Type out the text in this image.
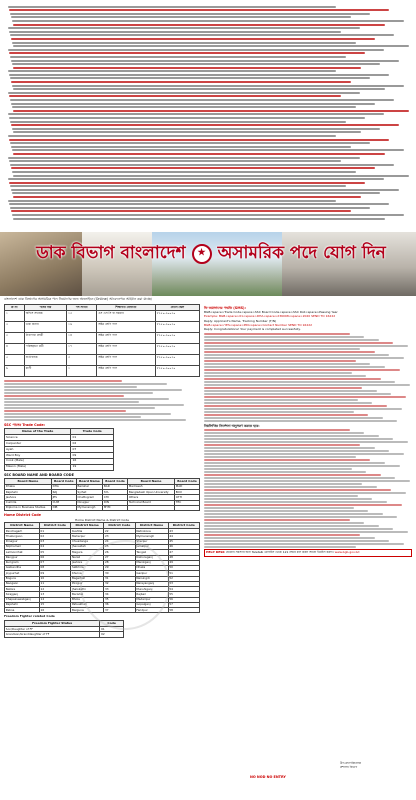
ডাক বিভাগ বাংলাদেশ	★ অসামরিক পদে যোগ দিন
বাংলাদেশ ডাক বিভাগের অসামরিক পদে নিয়োগের জন্য অনলাইনে (Online) আবেদনপত্র আহ্বান করা যাচ্ছে।
ক্র নং	পদের নাম	পদ সংখ্যা	শিক্ষাগত যোগ্যতা	বেতন স্কেল
১	অফিস সহায়ক	১৩	এস এস সি বা সমমান	৮২৫০-২০০১০
২	ডাক রানার	১৬	অষ্টম শ্রেণি পাস	৮২৫০-২০০১০
৩	নিরাপত্তা প্রহরী	১৪	অষ্টম শ্রেণি পাস	৮২৫০-২০০১০
৪	পরিচ্ছন্নতা কর্মী	১৭	অষ্টম শ্রেণি পাস	৮২৫০-২০০১০
৫	বার্তাবাহক	৩	অষ্টম শ্রেণি পাস	৮২৫০-২০০১০
৬	মালী	১	অষ্টম শ্রেণি পাস	৮২৫০-২০০১০
SSC পাসের Trade Code:
Name of the Trade	Trade Code
Science	01
Carpenter	02
Ayah	07
Ward Boy	09
Cook (Male)	16
Mason (Male)	19
SSC BOARD NAME AND BOARD CODE
Board Name	Board Code	Board Name	Board Code	Board Name	Board Code
Dhaka	DHA	Barishal	BAR	Madrasah	MAD
Rajshahi	RAJ	Sylhet	SYL	Bangladesh Open University	BOU
Jashore	JES	Chattogram	CHI	Others	OTH
Cumilla	CUM	Dinajpur	DIN	Technical Board	TEC
Diploma in Business Studies	DIB	Mymensingh	MYM		
Home District Code
Home District Name & District Code
District Name	District Code	District Name	District Code	District Name	District Code
Panchagarh	01	Kushtia	22	Netrokona	43
Thakurgaon	02	Meherpur	23	Mymensingh	44
Dinajpur	03	Chuadanga	24	Sherpur	45
Nilphamari	04	Jhenaidah	25	Jamalpur	46
Lalmonirhat	05	Magura	26	Tangail	47
Rangpur	06	Narail	27	Kishoreganj	48
Kurigram	07	Jashore	28	Manikganj	49
Gaibandha	08	Satkhira	29	Dhaka	50
Joypurhat	09	Khulna	30	Gazipur	51
Bogura	10	Bagerhat	31	Narsingdi	52
Naogaon	11	Pirojpur	32	Narayanganj	53
Natore	12	Jhalokathi	33	Munshiganj	54
Sirajganj	13	Barishal	34	Rajbari	55
Chapainawabganj	14	Bhola	35	Madaripur	56
Rajshahi	15	Patuakhali	36	Gopalganj	57
Pabna	16	Barguna	37	Faridpur	58
Freedom Fighter related Code
Freedom Fighter Status	Code
Son/Daughter of FF	01
Grandson/Granddaughter of FF	02
ফি জমাদানের পদ্ধতি (SMS):

BGB<space>Trade Code<space>SSC Board Code<space>SSC Roll<space>Passing Year

Example: BGB<space>01<space>DHA<space>236098<space>2020 SEND TO 16222

Reply: Applicant's Name, Tracking Number (T/N)

BGB<space>YES<space>PIN<space>Contact Number SEND TO 16222

Reply: Congratulations! Your payment is completed successfully.

নিম্নলিখিত নির্দেশনা অনুসরণ করতে হবে:
HELP DESK যেকোন সমস্যার জন্য Teletalk মোবাইল থেকে 121 নম্বরে কল করুন অথবা ইমেইল করুন। www.bgb.gov.bd
NO NOD NO ENTRY
উপ-মহাপরিচালক
প্রশাসন বিভাগ
